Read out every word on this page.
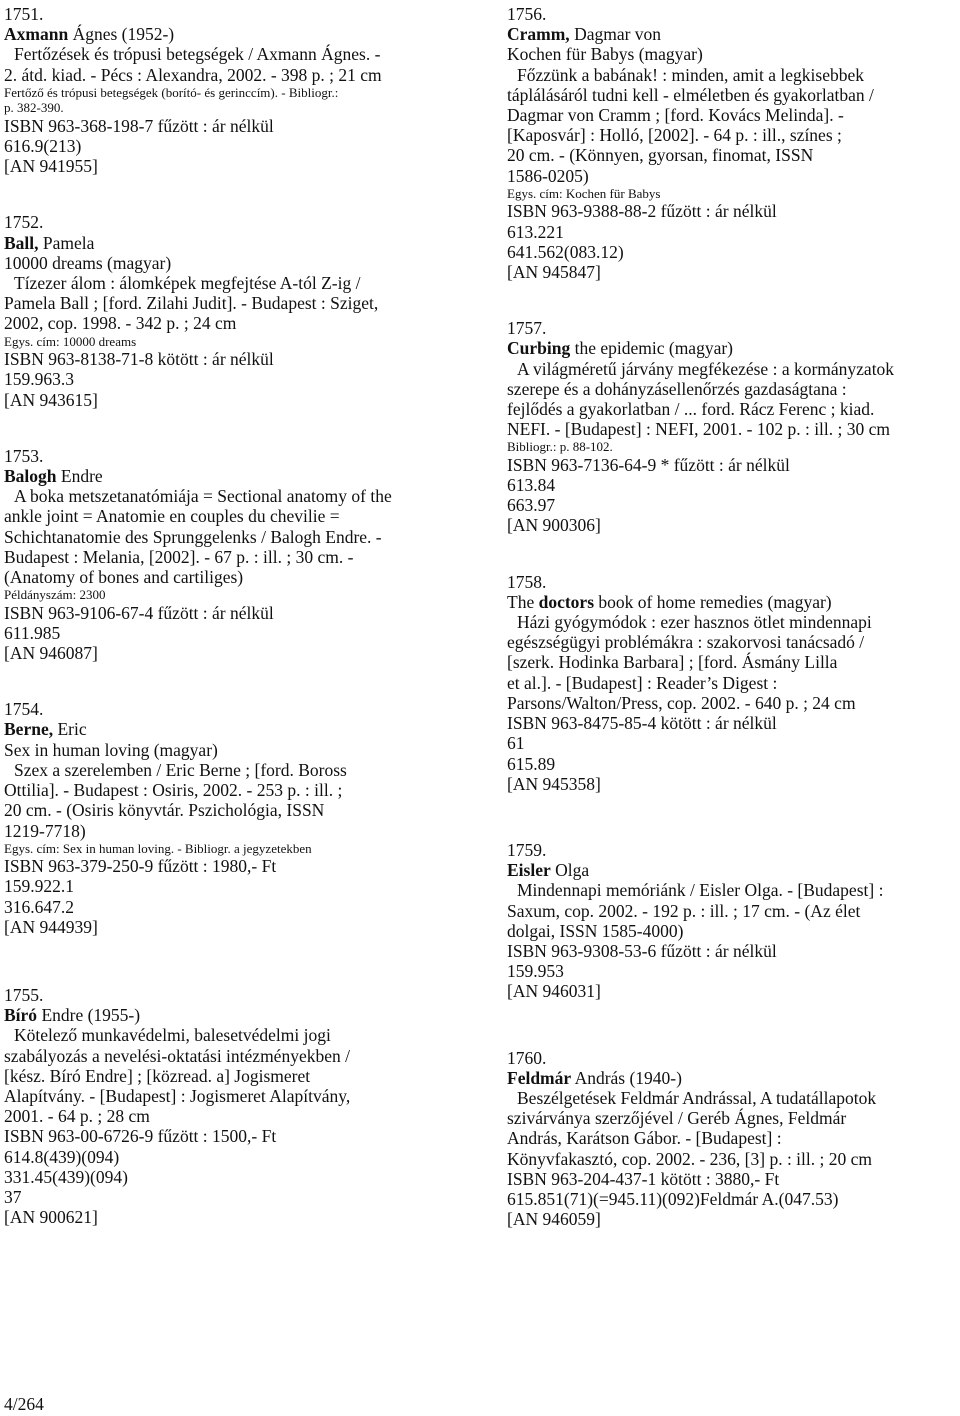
1751.
Axmann Ágnes (1952-)
Fertőzések és trópusi betegségek / Axmann Ágnes. -
2. átd. kiad. - Pécs : Alexandra, 2002. - 398 p. ; 21 cm
Fertőző és trópusi betegségek (borító- és gerinccím). - Bibliogr.:
p. 382-390.
ISBN 963-368-198-7 fűzött : ár nélkül
616.9(213)
[AN 941955]
1752.
Ball, Pamela
10000 dreams (magyar)
Tízezer álom : álomképek megfejtése A-tól Z-ig /
Pamela Ball ; [ford. Zilahi Judit]. - Budapest : Sziget,
2002, cop. 1998. - 342 p. ; 24 cm
Egys. cím: 10000 dreams
ISBN 963-8138-71-8 kötött : ár nélkül
159.963.3
[AN 943615]
1753.
Balogh Endre
A boka metszetanatómiája = Sectional anatomy of the
ankle joint = Anatomie en couples du chevilie =
Schichtanatomie des Sprunggelenks / Balogh Endre. -
Budapest : Melania, [2002]. - 67 p. : ill. ; 30 cm. -
(Anatomy of bones and cartiliges)
Példányszám: 2300
ISBN 963-9106-67-4 fűzött : ár nélkül
611.985
[AN 946087]
1754.
Berne, Eric
Sex in human loving (magyar)
Szex a szerelemben / Eric Berne ; [ford. Boross
Ottilia]. - Budapest : Osiris, 2002. - 253 p. : ill. ;
20 cm. - (Osiris könyvtár. Pszichológia, ISSN
1219-7718)
Egys. cím: Sex in human loving. - Bibliogr. a jegyzetekben
ISBN 963-379-250-9 fűzött : 1980,- Ft
159.922.1
316.647.2
[AN 944939]
1755.
Bíró Endre (1955-)
Kötelező munkavédelmi, balesetvédelmi jogi
szabályozás a nevelési-oktatási intézményekben /
[kész. Bíró Endre] ; [közread. a] Jogismeret
Alapítvány. - [Budapest] : Jogismeret Alapítvány,
2001. - 64 p. ; 28 cm
ISBN 963-00-6726-9 fűzött : 1500,- Ft
614.8(439)(094)
331.45(439)(094)
37
[AN 900621]
1756.
Cramm, Dagmar von
Kochen für Babys (magyar)
Főzzünk a babának! : minden, amit a legkisebbek
táplálásáról tudni kell - elméletben és gyakorlatban /
Dagmar von Cramm ; [ford. Kovács Melinda]. -
[Kaposvár] : Holló, [2002]. - 64 p. : ill., színes ;
20 cm. - (Könnyen, gyorsan, finomat, ISSN
1586-0205)
Egys. cím: Kochen für Babys
ISBN 963-9388-88-2 fűzött : ár nélkül
613.221
641.562(083.12)
[AN 945847]
1757.
Curbing the epidemic (magyar)
A világméretű járvány megfékezése : a kormányzatok
szerepe és a dohányzásellenőrzés gazdaságtana :
fejlődés a gyakorlatban / ... ford. Rácz Ferenc ; kiad.
NEFI. - [Budapest] : NEFI, 2001. - 102 p. : ill. ; 30 cm
Bibliogr.: p. 88-102.
ISBN 963-7136-64-9 * fűzött : ár nélkül
613.84
663.97
[AN 900306]
1758.
The doctors book of home remedies (magyar)
Házi gyógymódok : ezer hasznos ötlet mindennapi
egészségügyi problémákra : szakorvosi tanácsadó /
[szerk. Hodinka Barbara] ; [ford. Ásmány Lilla
et al.]. - [Budapest] : Reader’s Digest :
Parsons/Walton/Press, cop. 2002. - 640 p. ; 24 cm
ISBN 963-8475-85-4 kötött : ár nélkül
61
615.89
[AN 945358]
1759.
Eisler Olga
Mindennapi memóriánk / Eisler Olga. - [Budapest] :
Saxum, cop. 2002. - 192 p. : ill. ; 17 cm. - (Az élet
dolgai, ISSN 1585-4000)
ISBN 963-9308-53-6 fűzött : ár nélkül
159.953
[AN 946031]
1760.
Feldmár András (1940-)
Beszélgetések Feldmár Andrással, A tudatállapotok
szivárványa szerzőjével / Geréb Ágnes, Feldmár
András, Karátson Gábor. - [Budapest] :
Könyvfakasztó, cop. 2002. - 236, [3] p. : ill. ; 20 cm
ISBN 963-204-437-1 kötött : 3880,- Ft
615.851(71)(=945.11)(092)Feldmár A.(047.53)
[AN 946059]
4/264
